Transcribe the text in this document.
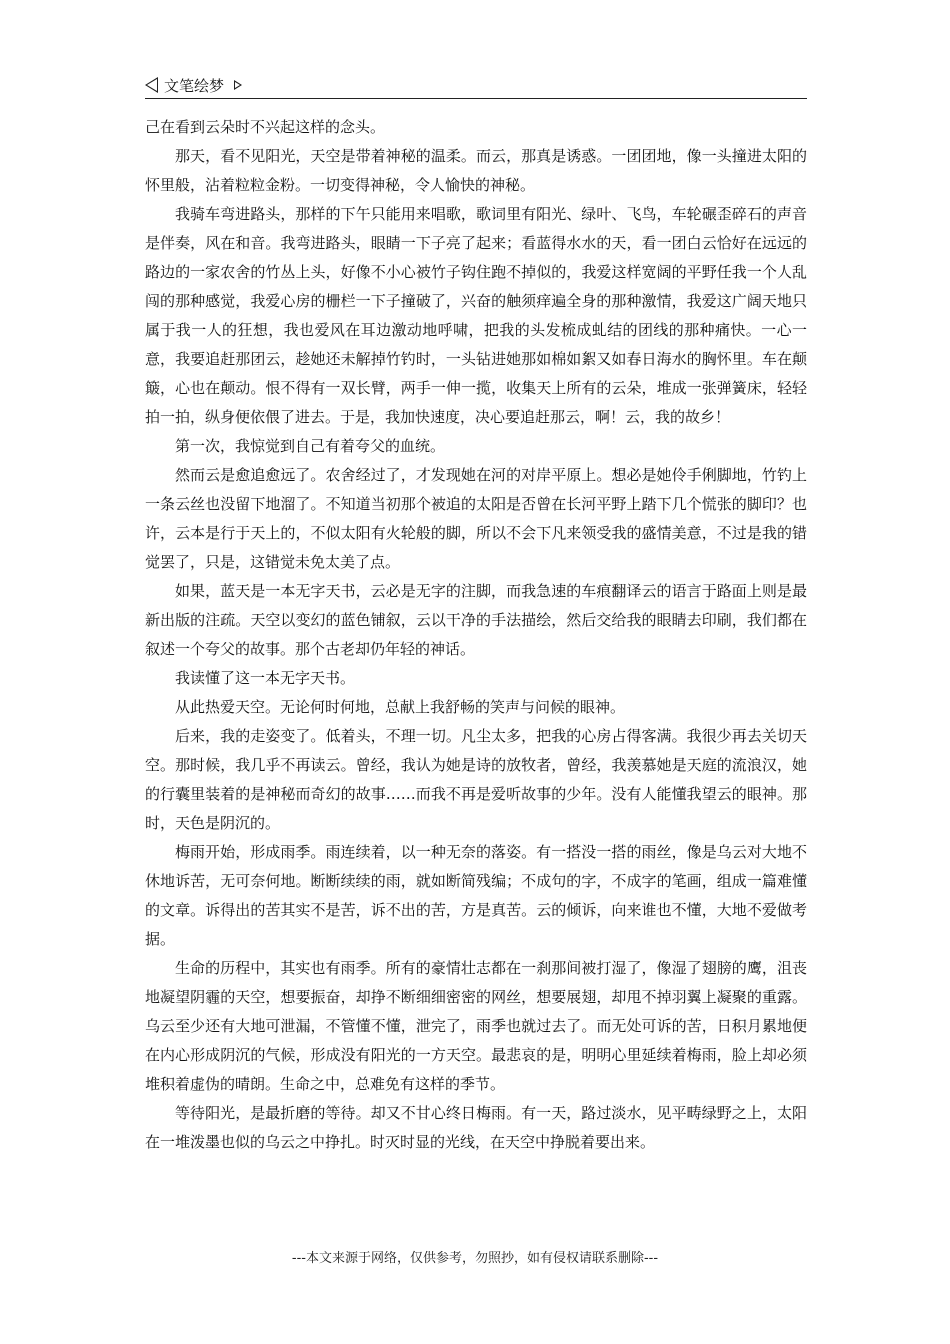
文笔绘梦

己在看到云朵时不兴起这样的念头。

那天，看不见阳光，天空是带着神秘的温柔。而云，那真是诱惑。一团团地，像一头撞进太阳的怀里般，沾着粒粒金粉。一切变得神秘，令人愉快的神秘。

我骑车弯进路头，那样的下午只能用来唱歌，歌词里有阳光、绿叶、飞鸟，车轮碾歪碎石的声音是伴奏，风在和音。我弯进路头，眼睛一下子亮了起来；看蓝得水水的天，看一团白云恰好在远远的路边的一家农舍的竹丛上头，好像不小心被竹子钩住跑不掉似的，我爱这样宽阔的平野任我一个人乱闯的那种感觉，我爱心房的栅栏一下子撞破了，兴奋的触须痒遍全身的那种激情，我爱这广阔天地只属于我一人的狂想，我也爱风在耳边激动地呼啸，把我的头发梳成虬结的团线的那种痛快。一心一意，我要追赶那团云，趁她还未解掉竹钓时，一头钻进她那如棉如絮又如春日海水的胸怀里。车在颠簸，心也在颠动。恨不得有一双长臂，两手一伸一揽，收集天上所有的云朵，堆成一张弹簧床，轻轻拍一拍，纵身便依偎了进去。于是，我加快速度，决心要追赶那云，啊！云，我的故乡！

第一次，我惊觉到自己有着夸父的血统。

然而云是愈追愈远了。农舍经过了，才发现她在河的对岸平原上。想必是她伶手俐脚地，竹钓上一条云丝也没留下地溜了。不知道当初那个被追的太阳是否曾在长河平野上踏下几个慌张的脚印？也许，云本是行于天上的，不似太阳有火轮般的脚，所以不会下凡来领受我的盛情美意，不过是我的错觉罢了，只是，这错觉未免太美了点。

如果，蓝天是一本无字天书，云必是无字的注脚，而我急速的车痕翻译云的语言于路面上则是最新出版的注疏。天空以变幻的蓝色铺叙，云以干净的手法描绘，然后交给我的眼睛去印刷，我们都在叙述一个夸父的故事。那个古老却仍年轻的神话。

我读懂了这一本无字天书。

从此热爱天空。无论何时何地，总献上我舒畅的笑声与问候的眼神。

后来，我的走姿变了。低着头，不理一切。凡尘太多，把我的心房占得客满。我很少再去关切天空。那时候，我几乎不再读云。曾经，我认为她是诗的放牧者，曾经，我羡慕她是天庭的流浪汉，她的行囊里装着的是神秘而奇幻的故事……而我不再是爱听故事的少年。没有人能懂我望云的眼神。那时，天色是阴沉的。

梅雨开始，形成雨季。雨连续着，以一种无奈的落姿。有一搭没一搭的雨丝，像是乌云对大地不休地诉苦，无可奈何地。断断续续的雨，就如断简残编；不成句的字，不成字的笔画，组成一篇难懂的文章。诉得出的苦其实不是苦，诉不出的苦，方是真苦。云的倾诉，向来谁也不懂，大地不爱做考据。

生命的历程中，其实也有雨季。所有的豪情壮志都在一刹那间被打湿了，像湿了翅膀的鹰，沮丧地凝望阴霾的天空，想要振奋，却挣不断细细密密的网丝，想要展翅，却甩不掉羽翼上凝聚的重露。乌云至少还有大地可泄漏，不管懂不懂，泄完了，雨季也就过去了。而无处可诉的苦，日积月累地便在内心形成阴沉的气候，形成没有阳光的一方天空。最悲哀的是，明明心里延续着梅雨，脸上却必须堆积着虚伪的晴朗。生命之中，总难免有这样的季节。

等待阳光，是最折磨的等待。却又不甘心终日梅雨。有一天，路过淡水，见平畴绿野之上，太阳在一堆泼墨也似的乌云之中挣扎。时灭时显的光线，在天空中挣脱着要出来。

---本文来源于网络，仅供参考，勿照抄，如有侵权请联系删除---
